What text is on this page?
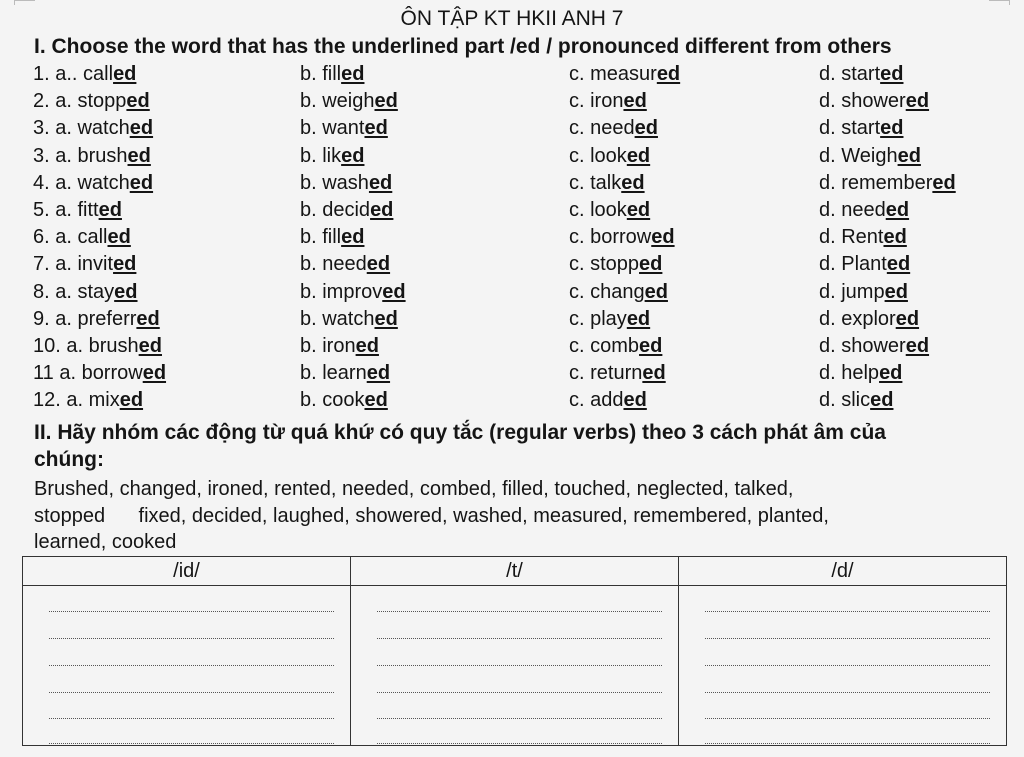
ÔN TẬP KT HKII ANH 7
I. Choose the word that has the underlined part /ed / pronounced different from others
1. a.. called	b. filled	c. measured	d. started
2. a. stopped	b. weighed	c. ironed	d. showered
3. a. watched	b. wanted	c. needed	d. started
3. a. brushed	b. liked	c. looked	d. Weighed
4. a. watched	b. washed	c. talked	d. remembered
5. a. fitted	b. decided	c. looked	d. needed
6. a. called	b. filled	c. borrowed	d. Rented
7. a. invited	b. needed	c. stopped	d. Planted
8. a. stayed	b. improved	c. changed	d. jumped
9. a. preferred	b. watched	c. played	d. explored
10. a. brushed	b. ironed	c. combed	d. showered
11 a. borrowed	b. learned	c. returned	d. helped
12. a. mixed	b. cooked	c. added	d. sliced
II. Hãy nhóm các động từ quá khứ có quy tắc (regular verbs) theo 3 cách phát âm của
chúng:
Brushed, changed, ironed, rented, needed, combed, filled, touched, neglected, talked,
stopped      fixed, decided, laughed, showered, washed, measured, remembered, planted,
learned, cooked
/id/	/t/	/d/
